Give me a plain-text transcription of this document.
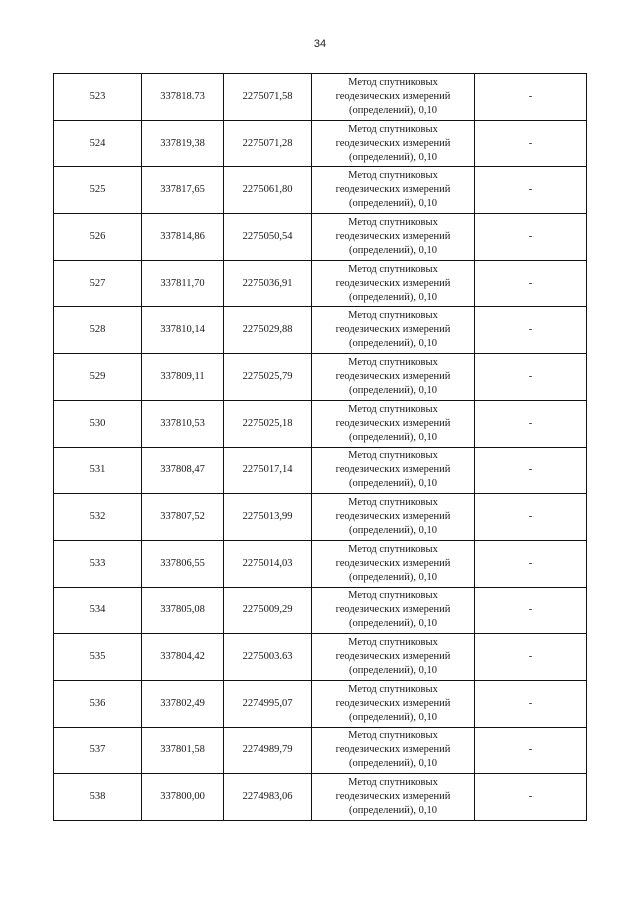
34
523	337818.73	2275071,58	Метод спутниковых
геодезических измерений
(определений), 0,10	-
524	337819,38	2275071,28	Метод спутниковых
геодезических измерений
(определений), 0,10	-
525	337817,65	2275061,80	Метод спутниковых
геодезических измерений
(определений), 0,10	-
526	337814,86	2275050,54	Метод спутниковых
геодезических измерений
(определений), 0,10	-
527	337811,70	2275036,91	Метод спутниковых
геодезических измерений
(определений), 0,10	-
528	337810,14	2275029,88	Метод спутниковых
геодезических измерений
(определений), 0,10	-
529	337809,11	2275025,79	Метод спутниковых
геодезических измерений
(определений), 0,10	-
530	337810,53	2275025,18	Метод спутниковых
геодезических измерений
(определений), 0,10	-
531	337808,47	2275017,14	Метод спутниковых
геодезических измерений
(определений), 0,10	-
532	337807,52	2275013,99	Метод спутниковых
геодезических измерений
(определений), 0,10	-
533	337806,55	2275014,03	Метод спутниковых
геодезических измерений
(определений), 0,10	-
534	337805,08	2275009,29	Метод спутниковых
геодезических измерений
(определений), 0,10	-
535	337804,42	2275003.63	Метод спутниковых
геодезических измерений
(определений), 0,10	-
536	337802,49	2274995,07	Метод спутниковых
геодезических измерений
(определений), 0,10	-
537	337801,58	2274989,79	Метод спутниковых
геодезических измерений
(определений), 0,10	-
538	337800,00	2274983,06	Метод спутниковых
геодезических измерений
(определений), 0,10	-
